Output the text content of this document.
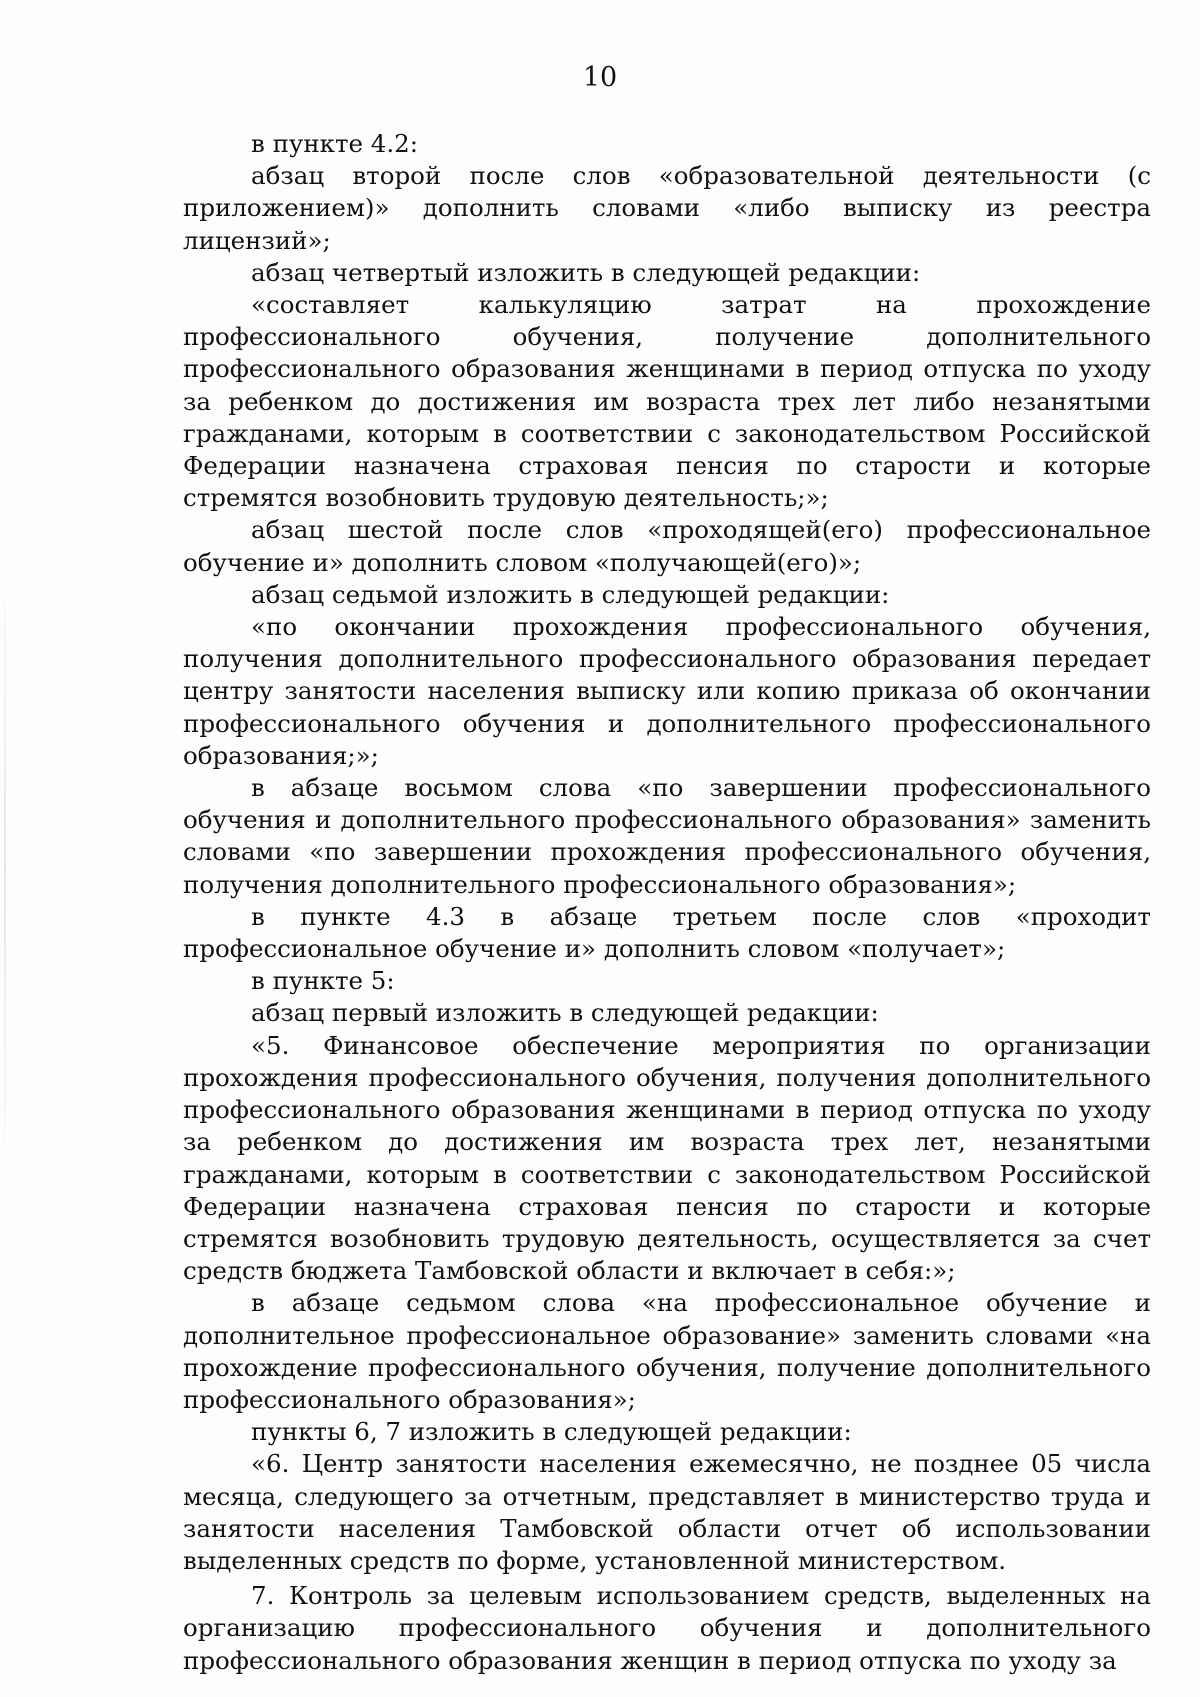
10

в пункте 4.2:

абзац второй после слов «образовательной деятельности (с приложением)» дополнить словами «либо выписку из реестра лицензий»;

абзац четвертый изложить в следующей редакции:

«составляет калькуляцию затрат на прохождение профессионального обучения, получение дополнительного профессионального образования женщинами в период отпуска по уходу за ребенком до достижения им возраста трех лет либо незанятыми гражданами, которым в соответствии с законодательством Российской Федерации назначена страховая пенсия по старости и которые стремятся возобновить трудовую деятельность;»;

абзац шестой после слов «проходящей(его) профессиональное обучение и» дополнить словом «получающей(его)»;

абзац седьмой изложить в следующей редакции:

«по окончании прохождения профессионального обучения, получения дополнительного профессионального образования передает центру занятости населения выписку или копию приказа об окончании профессионального обучения и дополнительного профессионального образования;»;

в абзаце восьмом слова «по завершении профессионального обучения и дополнительного профессионального образования» заменить словами «по завершении прохождения профессионального обучения, получения дополнительного профессионального образования»;

в пункте 4.3 в абзаце третьем после слов «проходит профессиональное обучение и» дополнить словом «получает»;

в пункте 5:

абзац первый изложить в следующей редакции:

«5. Финансовое обеспечение мероприятия по организации прохождения профессионального обучения, получения дополнительного профессионального образования женщинами в период отпуска по уходу за ребенком до достижения им возраста трех лет, незанятыми гражданами, которым в соответствии с законодательством Российской Федерации назначена страховая пенсия по старости и которые стремятся возобновить трудовую деятельность, осуществляется за счет средств бюджета Тамбовской области и включает в себя:»;

в абзаце седьмом слова «на профессиональное обучение и дополнительное профессиональное образование» заменить словами «на прохождение профессионального обучения, получение дополнительного профессионального образования»;

пункты 6, 7 изложить в следующей редакции:

«6. Центр занятости населения ежемесячно, не позднее 05 числа месяца, следующего за отчетным, представляет в министерство труда и занятости населения Тамбовской области отчет об использовании выделенных средств по форме, установленной министерством.

7. Контроль за целевым использованием средств, выделенных на организацию профессионального обучения и дополнительного профессионального образования женщин в период отпуска по уходу за
